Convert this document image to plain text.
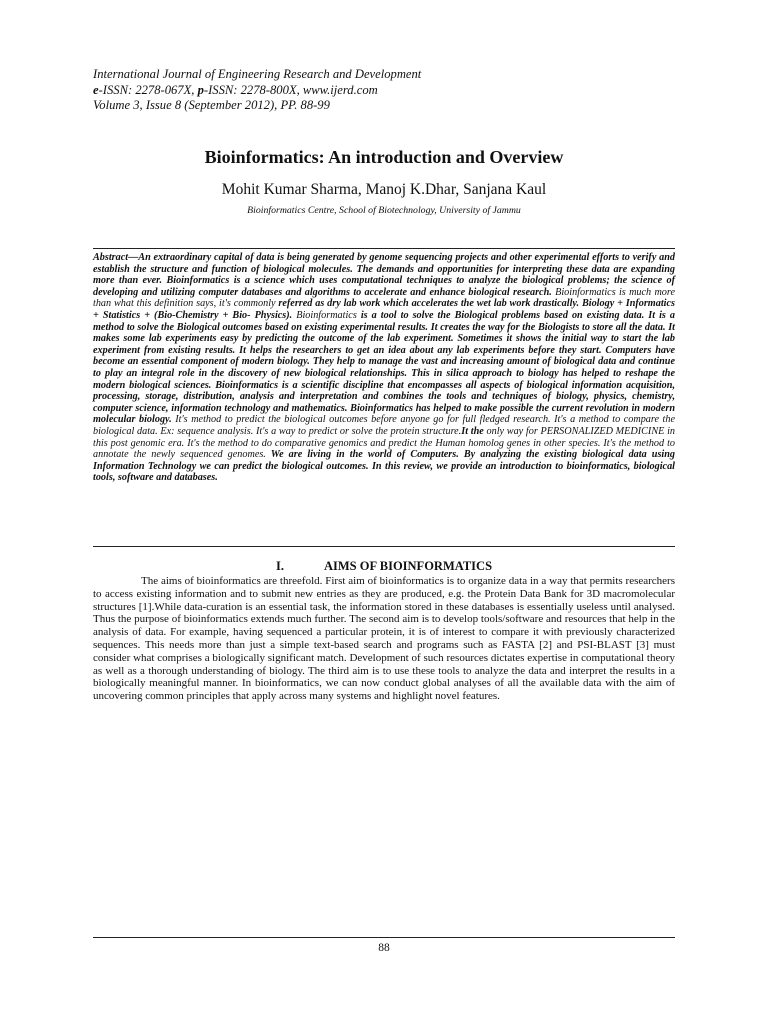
International Journal of Engineering Research and Development
e-ISSN: 2278-067X, p-ISSN: 2278-800X, www.ijerd.com
Volume 3, Issue 8 (September 2012), PP. 88-99
Bioinformatics: An introduction and Overview
Mohit Kumar Sharma, Manoj K.Dhar, Sanjana Kaul
Bioinformatics Centre, School of Biotechnology, University of Jammu
Abstract—An extraordinary capital of data is being generated by genome sequencing projects and other experimental efforts to verify and establish the structure and function of biological molecules. The demands and opportunities for interpreting these data are expanding more than ever. Bioinformatics is a science which uses computational techniques to analyze the biological problems; the science of developing and utilizing computer databases and algorithms to accelerate and enhance biological research. Bioinformatics is much more than what this definition says, it's commonly referred as dry lab work which accelerates the wet lab work drastically. Biology + Informatics + Statistics + (Bio-Chemistry + Bio- Physics). Bioinformatics is a tool to solve the Biological problems based on existing data. It is a method to solve the Biological outcomes based on existing experimental results. It creates the way for the Biologists to store all the data. It makes some lab experiments easy by predicting the outcome of the lab experiment. Sometimes it shows the initial way to start the lab experiment from existing results. It helps the researchers to get an idea about any lab experiments before they start. Computers have become an essential component of modern biology. They help to manage the vast and increasing amount of biological data and continue to play an integral role in the discovery of new biological relationships. This in silica approach to biology has helped to reshape the modern biological sciences. Bioinformatics is a scientific discipline that encompasses all aspects of biological information acquisition, processing, storage, distribution, analysis and interpretation and combines the tools and techniques of biology, physics, chemistry, computer science, information technology and mathematics. Bioinformatics has helped to make possible the current revolution in modern molecular biology. It's method to predict the biological outcomes before anyone go for full fledged research. It's a method to compare the biological data. Ex: sequence analysis. It's a way to predict or solve the protein structure.It the only way for PERSONALIZED MEDICINE in this post genomic era. It's the method to do comparative genomics and predict the Human homolog genes in other species. It's the method to annotate the newly sequenced genomes. We are living in the world of Computers. By analyzing the existing biological data using Information Technology we can predict the biological outcomes. In this review, we provide an introduction to bioinformatics, biological tools, software and databases.
I.	AIMS OF BIOINFORMATICS
The aims of bioinformatics are threefold. First aim of bioinformatics is to organize data in a way that permits researchers to access existing information and to submit new entries as they are produced, e.g. the Protein Data Bank for 3D macromolecular structures [1].While data-curation is an essential task, the information stored in these databases is essentially useless until analysed. Thus the purpose of bioinformatics extends much further. The second aim is to develop tools/software and resources that help in the analysis of data. For example, having sequenced a particular protein, it is of interest to compare it with previously characterized sequences. This needs more than just a simple text-based search and programs such as FASTA [2] and PSI-BLAST [3] must consider what comprises a biologically significant match. Development of such resources dictates expertise in computational theory as well as a thorough understanding of biology. The third aim is to use these tools to analyze the data and interpret the results in a biologically meaningful manner. In bioinformatics, we can now conduct global analyses of all the available data with the aim of uncovering common principles that apply across many systems and highlight novel features.
88
